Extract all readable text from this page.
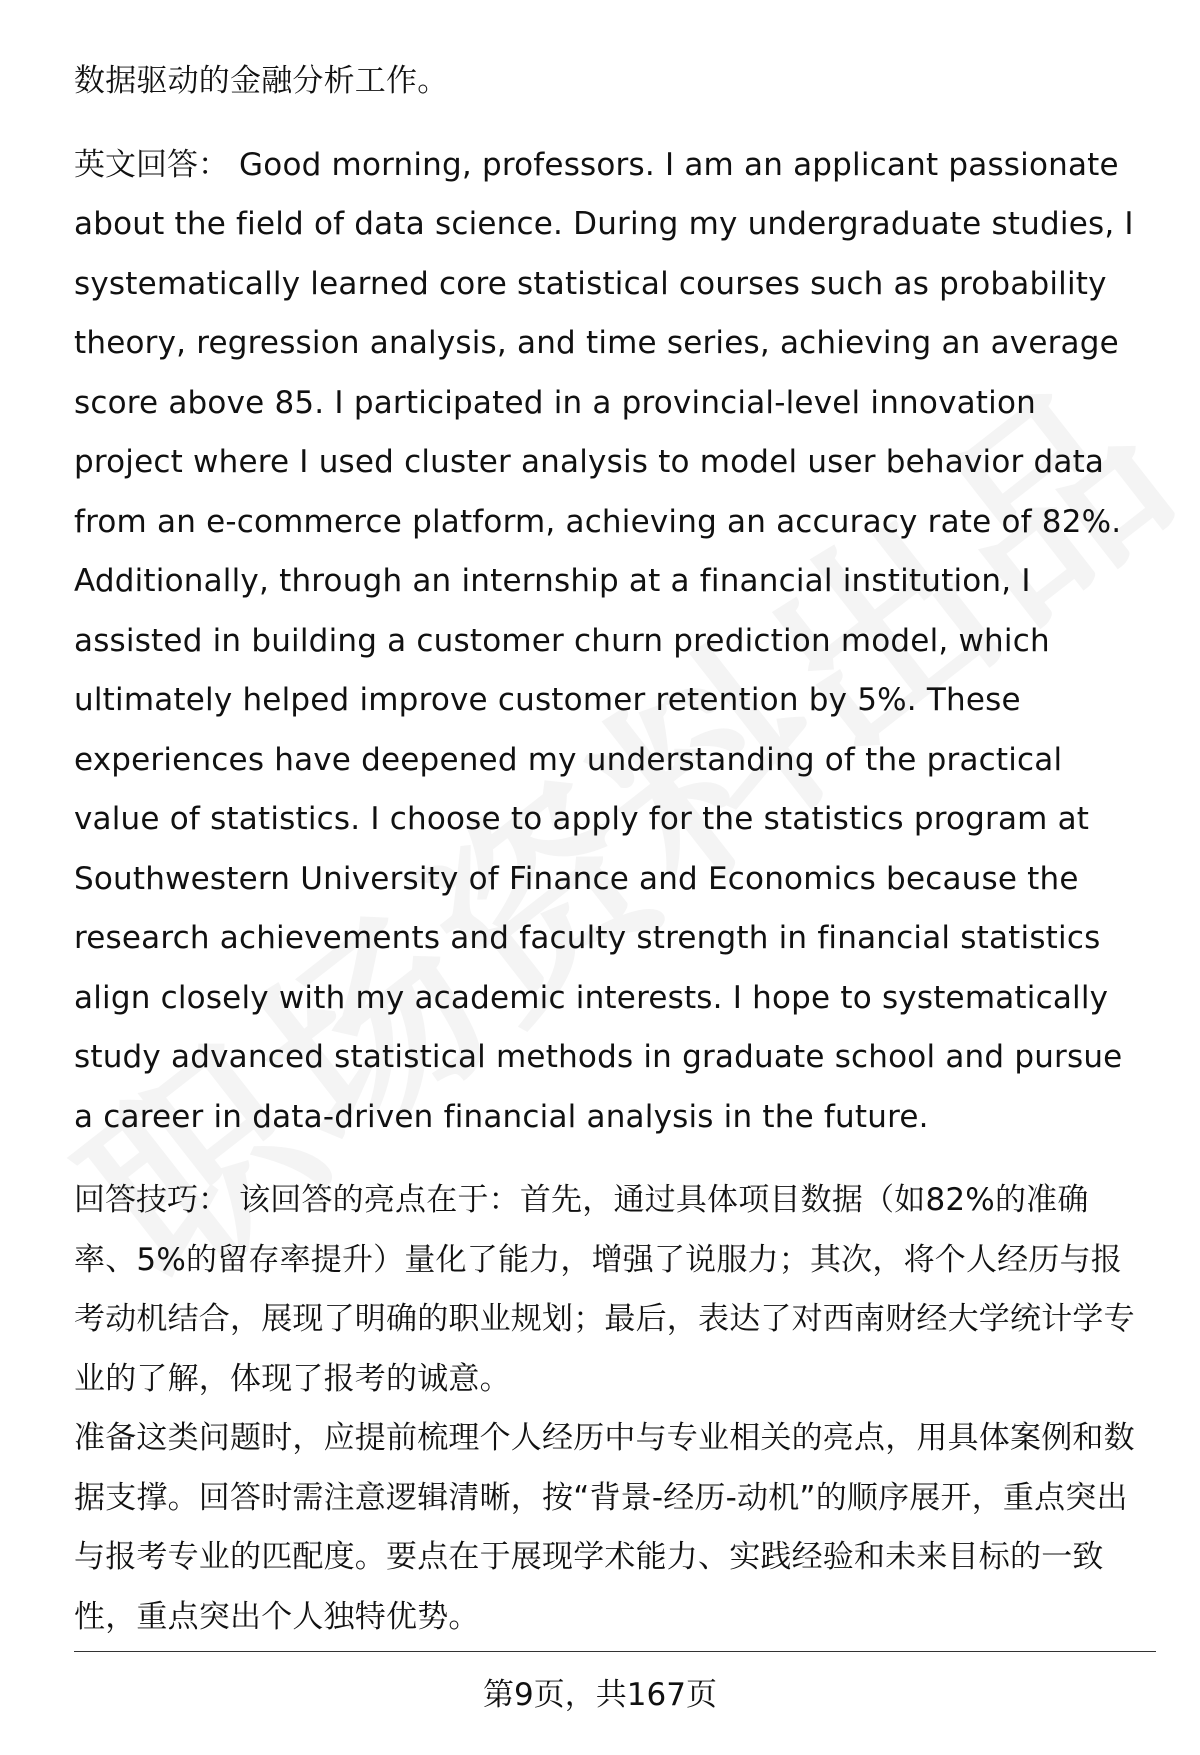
数据驱动的金融分析工作。

英文回答： Good morning, professors. I am an applicant passionate about the field of data science. During my undergraduate studies, I systematically learned core statistical courses such as probability theory, regression analysis, and time series, achieving an average score above 85. I participated in a provincial-level innovation project where I used cluster analysis to model user behavior data from an e-commerce platform, achieving an accuracy rate of 82%. Additionally, through an internship at a financial institution, I assisted in building a customer churn prediction model, which ultimately helped improve customer retention by 5%. These experiences have deepened my understanding of the practical value of statistics. I choose to apply for the statistics program at Southwestern University of Finance and Economics because the research achievements and faculty strength in financial statistics align closely with my academic interests. I hope to systematically study advanced statistical methods in graduate school and pursue a career in data-driven financial analysis in the future.

回答技巧： 该回答的亮点在于：首先，通过具体项目数据（如82%的准确率、5%的留存率提升）量化了能力，增强了说服力；其次，将个人经历与报考动机结合，展现了明确的职业规划；最后，表达了对西南财经大学统计学专业的了解，体现了报考的诚意。

准备这类问题时，应提前梳理个人经历中与专业相关的亮点，用具体案例和数据支撑。回答时需注意逻辑清晰，按“背景-经历-动机”的顺序展开，重点突出与报考专业的匹配度。要点在于展现学术能力、实践经验和未来目标的一致性，重点突出个人独特优势。

第9页，共167页
